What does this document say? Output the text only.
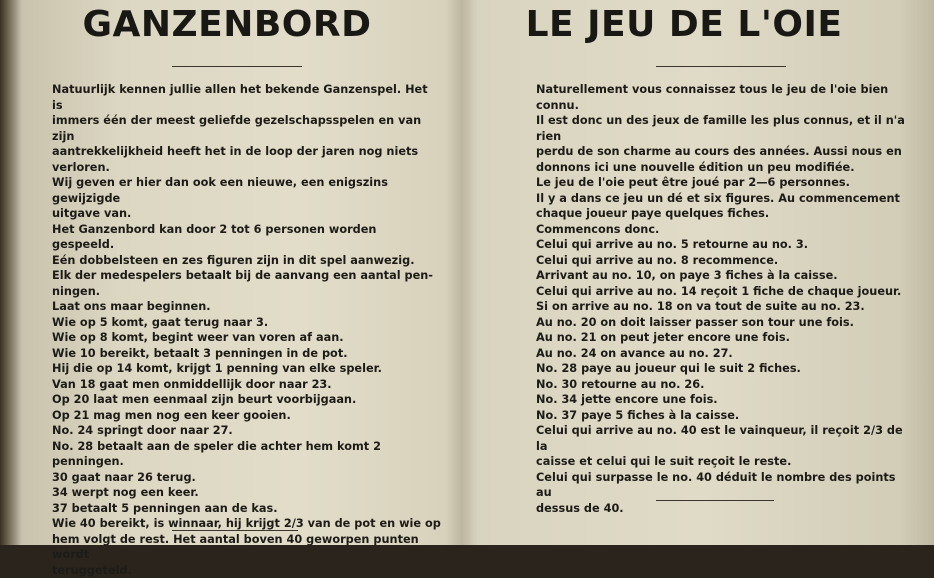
GANZENBORD
Natuurlijk kennen jullie allen het bekende Ganzenspel. Het is
immers één der meest geliefde gezelschapsspelen en van zijn
aantrekkelijkheid heeft het in de loop der jaren nog niets
verloren.
Wij geven er hier dan ook een nieuwe, een enigszins gewijzigde
uitgave van.
Het Ganzenbord kan door 2 tot 6 personen worden gespeeld.
Eén dobbelsteen en zes figuren zijn in dit spel aanwezig.
Elk der medespelers betaalt bij de aanvang een aantal pen-
ningen.
Laat ons maar beginnen.
Wie op 5 komt, gaat terug naar 3.
Wie op 8 komt, begint weer van voren af aan.
Wie 10 bereikt, betaalt 3 penningen in de pot.
Hij die op 14 komt, krijgt 1 penning van elke speler.
Van 18 gaat men onmiddellijk door naar 23.
Op 20 laat men eenmaal zijn beurt voorbijgaan.
Op 21 mag men nog een keer gooien.
No. 24 springt door naar 27.
No. 28 betaalt aan de speler die achter hem komt 2 penningen.
30 gaat naar 26 terug.
34 werpt nog een keer.
37 betaalt 5 penningen aan de kas.
Wie 40 bereikt, is winnaar, hij krijgt 2/3 van de pot en wie op
hem volgt de rest. Het aantal boven 40 geworpen punten wordt
teruggeteld.
LE JEU DE L'OIE
Naturellement vous connaissez tous le jeu de l'oie bien connu.
Il est donc un des jeux de famille les plus connus, et il n'a rien
perdu de son charme au cours des années. Aussi nous en
donnons ici une nouvelle édition un peu modifiée.
Le jeu de l'oie peut être joué par 2—6 personnes.
Il y a dans ce jeu un dé et six figures. Au commencement
chaque joueur paye quelques fiches.
Commencons donc.
Celui qui arrive au no. 5 retourne au no. 3.
Celui qui arrive au no. 8 recommence.
Arrivant au no. 10, on paye 3 fiches à la caisse.
Celui qui arrive au no. 14 reçoit 1 fiche de chaque joueur.
Si on arrive au no. 18 on va tout de suite au no. 23.
Au no. 20 on doit laisser passer son tour une fois.
Au no. 21 on peut jeter encore une fois.
Au no. 24 on avance au no. 27.
No. 28 paye au joueur qui le suit 2 fiches.
No. 30 retourne au no. 26.
No. 34 jette encore une fois.
No. 37 paye 5 fiches à la caisse.
Celui qui arrive au no. 40 est le vainqueur, il reçoit 2/3 de la
caisse et celui qui le suit reçoit le reste.
Celui qui surpasse le no. 40 déduit le nombre des points au
dessus de 40.
